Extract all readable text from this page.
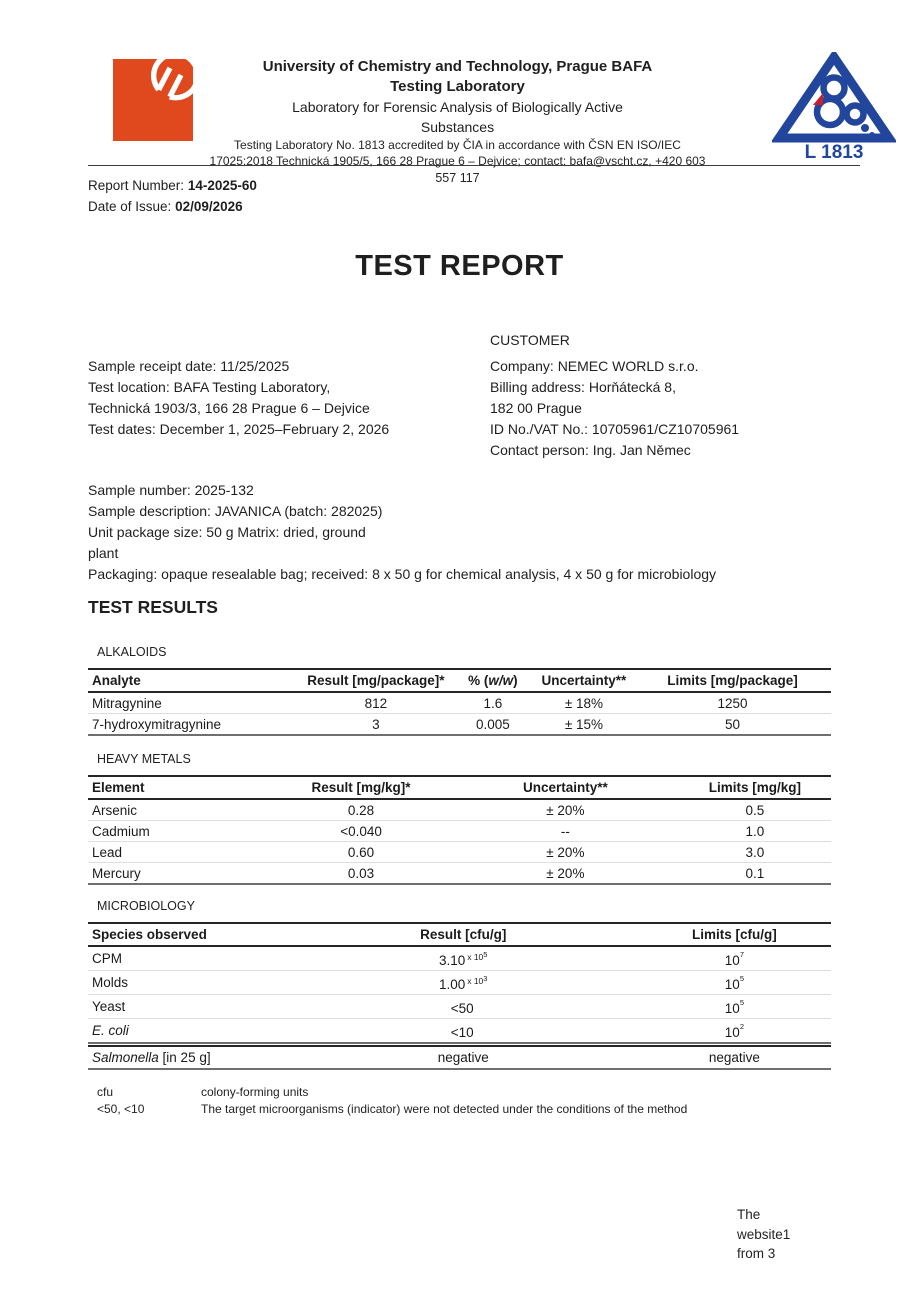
University of Chemistry and Technology, Prague BAFA
Testing Laboratory
Laboratory for Forensic Analysis of Biologically Active
Substances
Testing Laboratory No. 1813 accredited by ČIA in accordance with ČSN EN ISO/IEC
17025:2018 Technická 1905/5, 166 28 Prague 6 – Dejvice; contact: bafa@vscht.cz, +420 603	L 1813
557 117
Report Number: 14-2025-60
Date of Issue: 02/09/2026
TEST REPORT
Sample receipt date: 11/25/2025
Test location: BAFA Testing Laboratory,
Technická 1903/3, 166 28 Prague 6 – Dejvice
Test dates: December 1, 2025–February 2, 2026
CUSTOMER
Company: NEMEC WORLD s.r.o.
Billing address: Horňátecká 8,
182 00 Prague
ID No./VAT No.: 10705961/CZ10705961
Contact person: Ing. Jan Němec
Sample number: 2025-132
Sample description: JAVANICA (batch: 282025)
Unit package size: 50 g Matrix: dried, ground
plant
Packaging: opaque resealable bag; received: 8 x 50 g for chemical analysis, 4 x 50 g for microbiology
TEST RESULTS
ALKALOIDS
Analyte	Result [mg/package]*	% (w/w)	Uncertainty**	Limits [mg/package]
Mitragynine	812	1.6	± 18%	1250
7-hydroxymitragynine	3	0.005	± 15%	50
HEAVY METALS
Element	Result [mg/kg]*	Uncertainty**	Limits [mg/kg]
Arsenic	0.28	± 20%	0.5
Cadmium	<0.040	--	1.0
Lead	0.60	± 20%	3.0
Mercury	0.03	± 20%	0.1
MICROBIOLOGY
Species observed	Result [cfu/g]	Limits [cfu/g]
CPM	3.10 $^{x 105}$	$10^7$
Molds	1.00 $^{x 103}$	$10^5$
Yeast	<50	$10^5$
E. coli	<10	$10^2$
Salmonella [in 25 g]	negative	negative
cfu	colony-forming units
<50, <10	The target microorganisms (indicator) were not detected under the conditions of the method
The
website1
from 3
